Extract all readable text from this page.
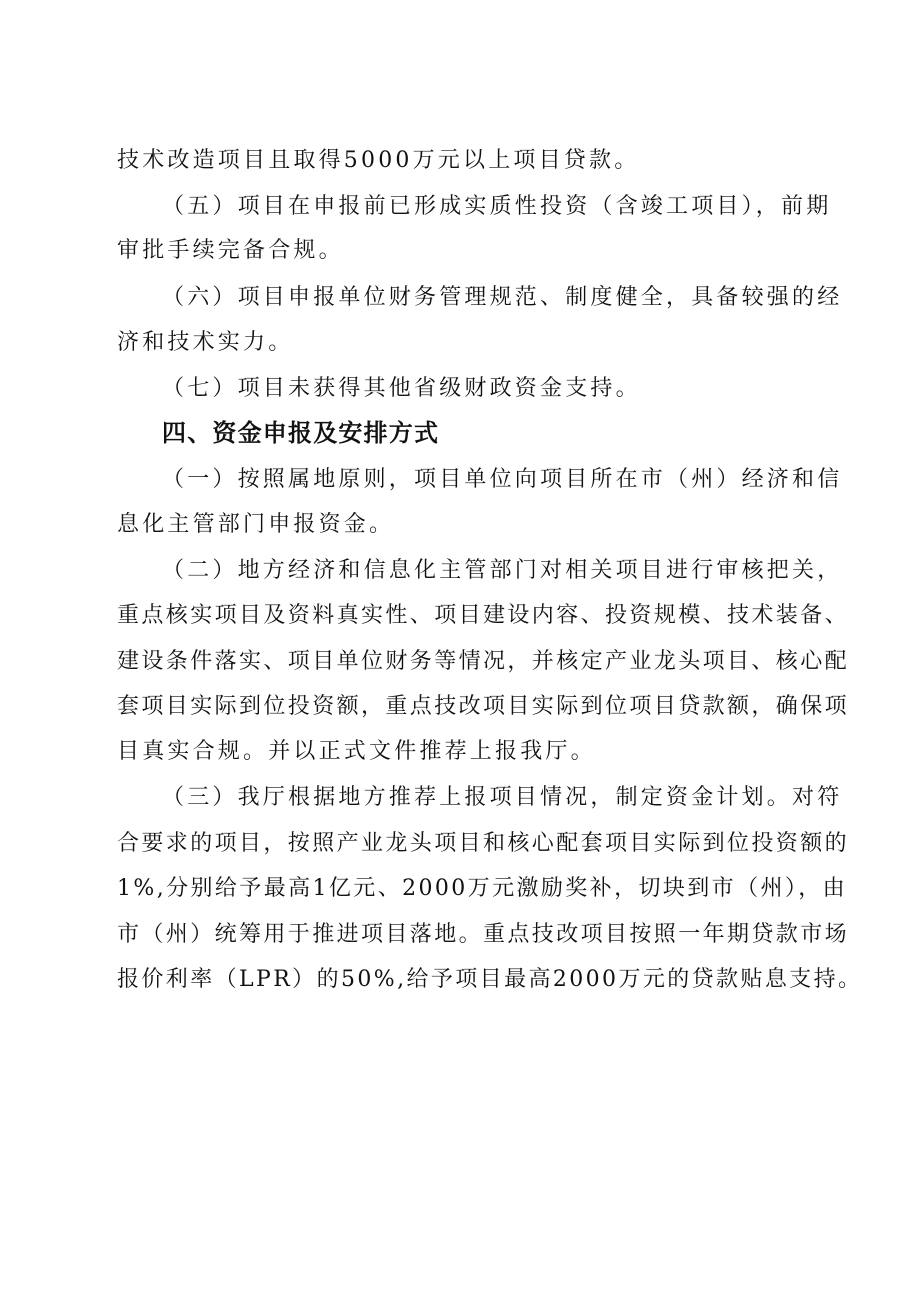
技术改造项目且取得5000万元以上项目贷款。
（五）项目在申报前已形成实质性投资（含竣工项目），前期
审批手续完备合规。
（六）项目申报单位财务管理规范、制度健全，具备较强的经
济和技术实力。
（七）项目未获得其他省级财政资金支持。
四、资金申报及安排方式
（一）按照属地原则，项目单位向项目所在市（州）经济和信
息化主管部门申报资金。
（二）地方经济和信息化主管部门对相关项目进行审核把关，
重点核实项目及资料真实性、项目建设内容、投资规模、技术装备、
建设条件落实、项目单位财务等情况，并核定产业龙头项目、核心配
套项目实际到位投资额，重点技改项目实际到位项目贷款额，确保项
目真实合规。并以正式文件推荐上报我厅。
（三）我厅根据地方推荐上报项目情况，制定资金计划。对符
合要求的项目，按照产业龙头项目和核心配套项目实际到位投资额的
1%,分别给予最高1亿元、2000万元激励奖补，切块到市（州），由
市（州）统筹用于推进项目落地。重点技改项目按照一年期贷款市场
报价利率（LPR）的50%,给予项目最高2000万元的贷款贴息支持。
